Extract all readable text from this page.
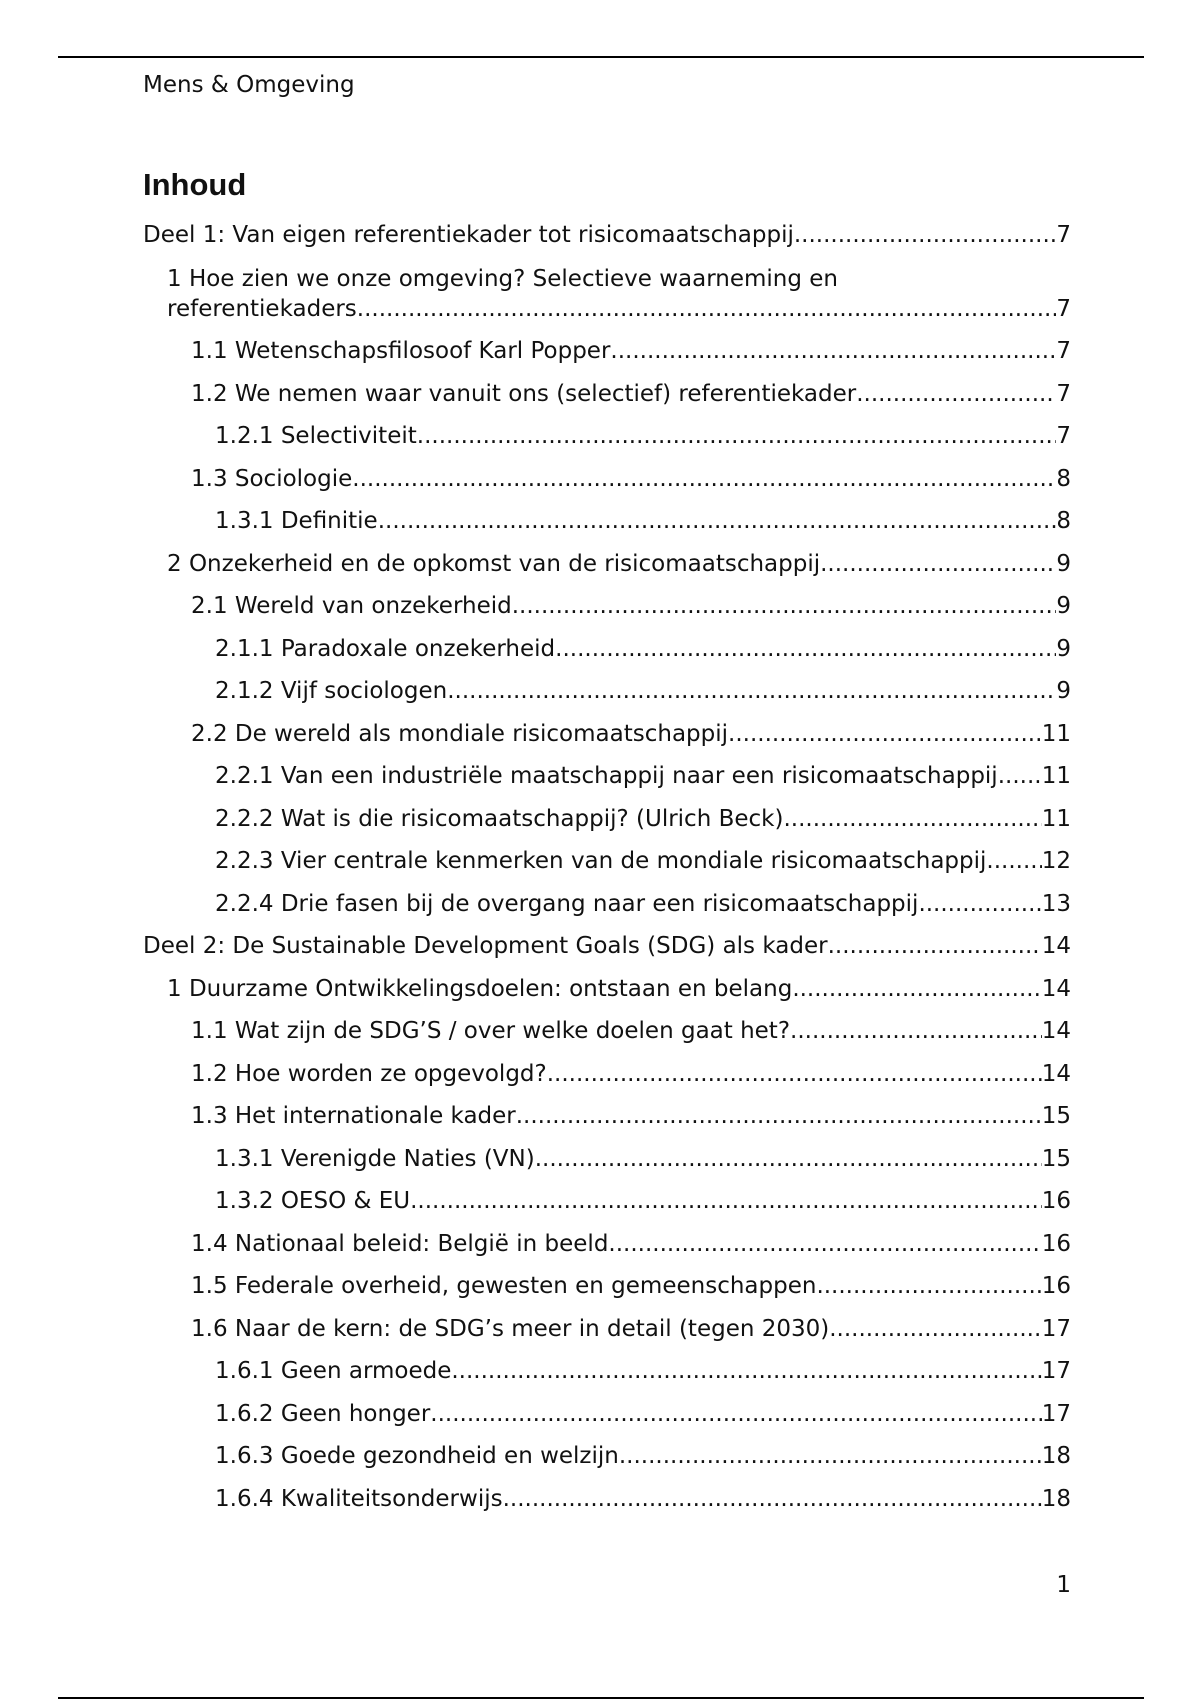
Mens & Omgeving
Inhoud
Deel 1: Van eigen referentiekader tot risicomaatschappij .....	7
1 Hoe zien we onze omgeving? Selectieve waarneming en
referentiekaders .....	7
1.1 Wetenschapsfilosoof Karl Popper .....	7
1.2 We nemen waar vanuit ons (selectief) referentiekader .....	7
1.2.1 Selectiviteit .....	7
1.3 Sociologie .....	8
1.3.1 Definitie .....	8
2 Onzekerheid en de opkomst van de risicomaatschappij .....	9
2.1 Wereld van onzekerheid .....	9
2.1.1 Paradoxale onzekerheid .....	9
2.1.2 Vijf sociologen .....	9
2.2 De wereld als mondiale risicomaatschappij .....	11
2.2.1 Van een industriële maatschappij naar een risicomaatschappij ..... 11
2.2.2 Wat is die risicomaatschappij? (Ulrich Beck) .....	11
2.2.3 Vier centrale kenmerken van de mondiale risicomaatschappij. ..... 12
2.2.4 Drie fasen bij de overgang naar een risicomaatschappij .....	13
Deel 2: De Sustainable Development Goals (SDG) als kader .....	14
1 Duurzame Ontwikkelingsdoelen: ontstaan en belang .....	14
1.1 Wat zijn de SDG’S / over welke doelen gaat het? .....	14
1.2 Hoe worden ze opgevolgd? .....	14
1.3 Het internationale kader .....	15
1.3.1 Verenigde Naties (VN) .....	15
1.3.2 OESO & EU .....	16
1.4 Nationaal beleid: België in beeld .....	16
1.5 Federale overheid, gewesten en gemeenschappen .....	16
1.6 Naar de kern: de SDG’s meer in detail (tegen 2030) .....	17
1.6.1 Geen armoede .....	17
1.6.2 Geen honger .....	17
1.6.3 Goede gezondheid en welzijn .....	18
1.6.4 Kwaliteitsonderwijs .....	18
1
